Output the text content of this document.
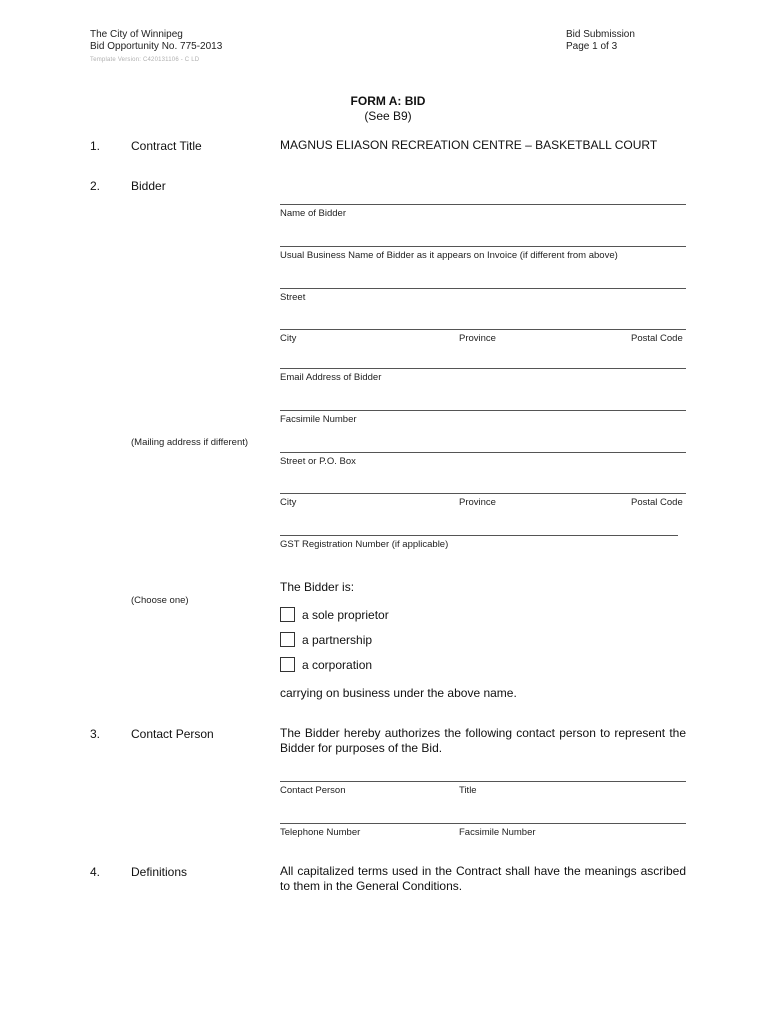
The City of Winnipeg
Bid Opportunity No. 775-2013
Template Version: C420131106 - C LD
Bid Submission
Page 1 of 3
FORM A: BID
(See B9)
1.	Contract Title	MAGNUS ELIASON RECREATION CENTRE – BASKETBALL COURT
2.	Bidder
Name of Bidder
Usual Business Name of Bidder as it appears on Invoice (if different from above)
Street
City	Province	Postal Code
Email Address of Bidder
Facsimile Number
(Mailing address if different)
Street or P.O. Box
City	Province	Postal Code
GST Registration Number (if applicable)
The Bidder is:
(Choose one)
a sole proprietor
a partnership
a corporation
carrying on business under the above name.
3.	Contact Person	The Bidder hereby authorizes the following contact person to represent the Bidder for purposes of the Bid.
Contact Person	Title
Telephone Number	Facsimile Number
4.	Definitions	All capitalized terms used in the Contract shall have the meanings ascribed to them in the General Conditions.
